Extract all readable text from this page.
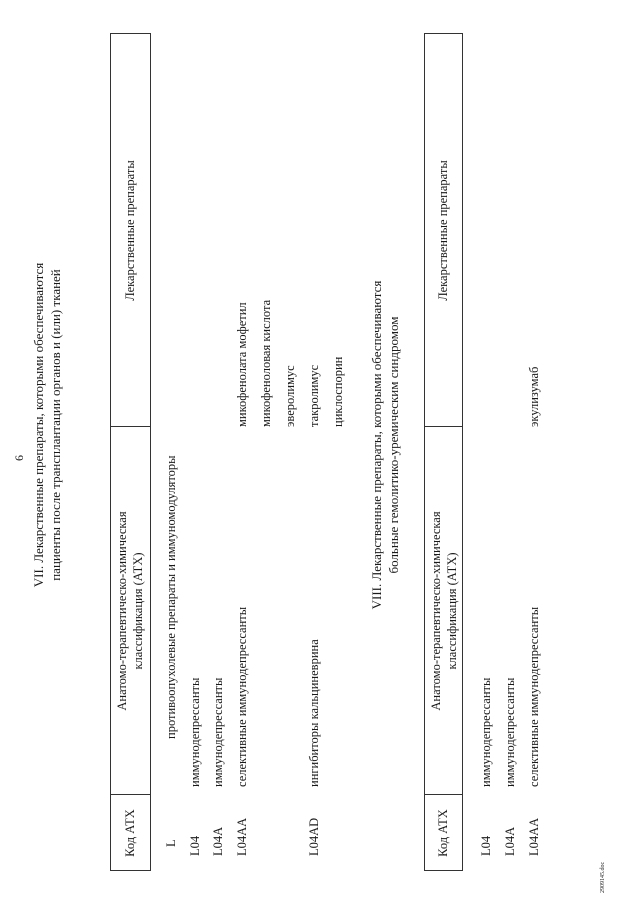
6 VII. Лекарственные препараты, которыми обеспечиваются пациенты после трансплантации органов и (или) тканей
Код АТХ
Анатомо-терапевтическо-химическая классификация (АТХ)
Лекарственные препараты
L
противоопухолевые препараты и иммуномодуляторы
L04
иммунодепрессанты
L04A
иммунодепрессанты
L04AA
селективные иммунодепрессанты
микофенолата мофетил микофеноловая кислота эверолимус
L04AD
ингибиторы кальциневрина
такролимус циклоспорин VIII. Лекарственные препараты, которыми обеспечиваются больные гемолитико-уремическим синдромом
Код АТХ
Анатомо-терапевтическо-химическая классификация (АТХ)
Лекарственные препараты
L04
иммунодепрессанты
L04A
иммунодепрессанты
L04AA
селективные иммунодепрессанты
экулизумаб
2909145.doc
